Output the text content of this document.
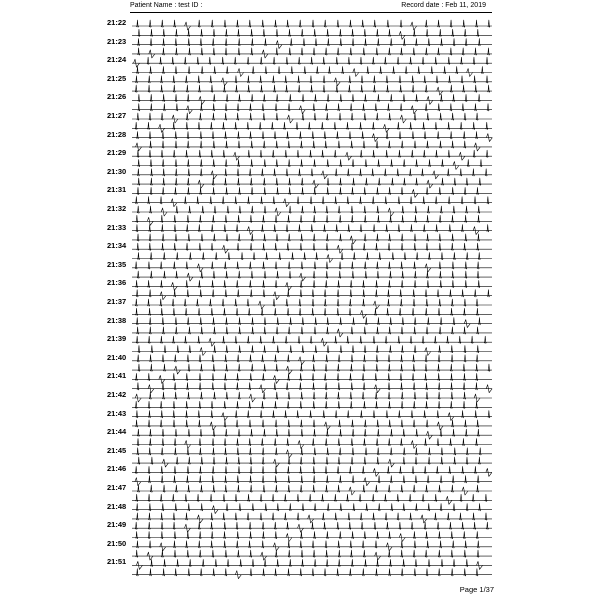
Patient Name : test ID :	Record date : Feb 11, 2019
21:22
21:23
21:24
21:25
21:26
21:27
21:28
21:29
21:30
21:31
21:32
21:33
21:34
21:35
21:36
21:37
21:38
21:39
21:40
21:41
21:42
21:43
21:44
21:45
21:46
21:47
21:48
21:49
21:50
21:51
Page 1/37
